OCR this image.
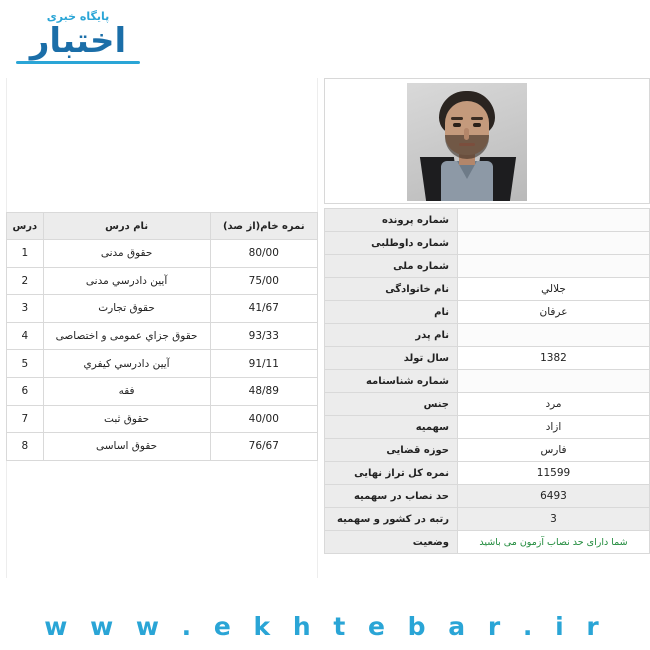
پایگاه خبری
اختبار
	شماره پرونده
	شماره داوطلبی
	شماره ملی
جلالي	نام خانوادگی
عرفان	نام
	نام پدر
1382	سال تولد
	شماره شناسنامه
مرد	جنس
ازاد	سهمیه
فارس	حوزه قضایی
11599	نمره کل تراز نهایی
6493	حد نصاب در سهمیه
3	رتبه در کشور و سهمیه
شما دارای حد نصاب آزمون می باشید	وضعیت
نمره خام(از صد)	نام درس	درس
80/00	حقوق مدنی	1
75/00	آیین دادرسي مدنی	2
41/67	حقوق تجارت	3
93/33	حقوق جزاي عمومی و اختصاصی	4
91/11	آیین دادرسي کیفري	5
48/89	فقه	6
40/00	حقوق ثبت	7
76/67	حقوق اساسی	8
w w w . e k h t e b a r . i r
